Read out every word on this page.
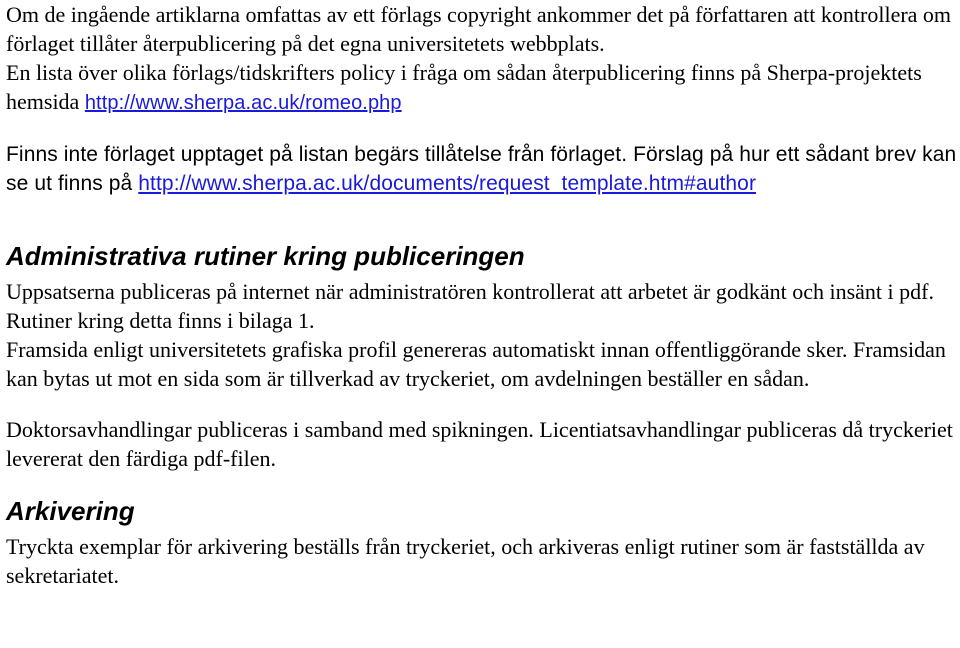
Om de ingående artiklarna omfattas av ett förlags copyright ankommer det på författaren att kontrollera om förlaget tillåter återpublicering på det egna universitetets webbplats.
En lista över olika förlags/tidskrifters policy i fråga om sådan återpublicering finns på Sherpa-projektets hemsida http://www.sherpa.ac.uk/romeo.php

Finns inte förlaget upptaget på listan begärs tillåtelse från förlaget. Förslag på hur ett sådant brev kan se ut finns på http://www.sherpa.ac.uk/documents/request_template.htm#author

Administrativa rutiner kring publiceringen

Uppsatserna publiceras på internet när administratören kontrollerat att arbetet är godkänt och insänt i pdf. Rutiner kring detta finns i bilaga 1.

Framsida enligt universitetets grafiska profil genereras automatiskt innan offentliggörande sker. Framsidan kan bytas ut mot en sida som är tillverkad av tryckeriet, om avdelningen beställer en sådan.

Doktorsavhandlingar publiceras i samband med spikningen. Licentiatsavhandlingar publiceras då tryckeriet levererat den färdiga pdf-filen.

Arkivering

Tryckta exemplar för arkivering beställs från tryckeriet, och arkiveras enligt rutiner som är fastställda av sekretariatet.
